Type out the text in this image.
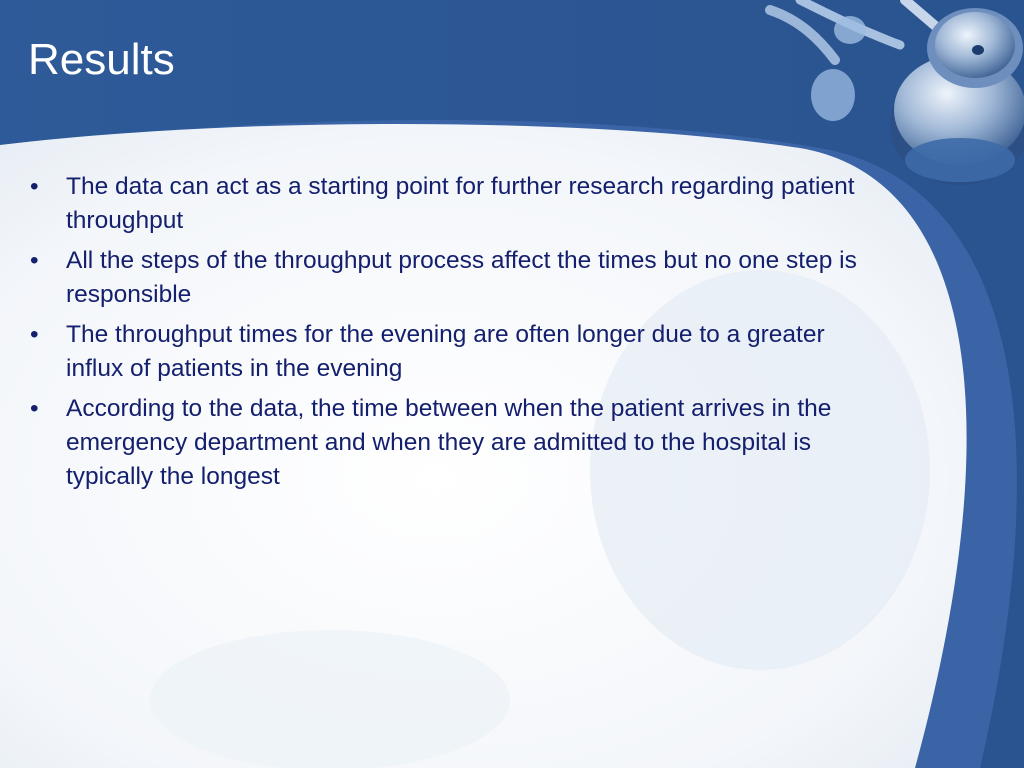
Results
• The data can act as a starting point for further research regarding patient throughput
• All the steps of the throughput process affect the times but no one step is responsible
• The throughput times for the evening are often longer due to a greater influx of patients in the evening
• According to the data, the time between when the patient arrives in the emergency department and when they are admitted to the hospital is typically the longest
